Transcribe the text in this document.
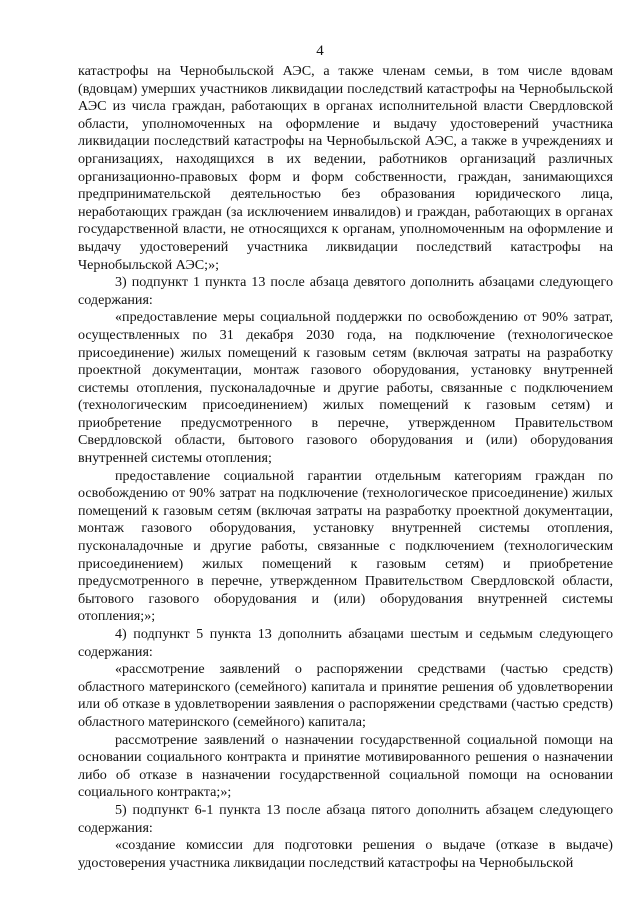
4

катастрофы на Чернобыльской АЭС, а также членам семьи, в том числе вдовам (вдовцам) умерших участников ликвидации последствий катастрофы на Чернобыльской АЭС из числа граждан, работающих в органах исполнительной власти Свердловской области, уполномоченных на оформление и выдачу удостоверений участника ликвидации последствий катастрофы на Чернобыльской АЭС, а также в учреждениях и организациях, находящихся в их ведении, работников организаций различных организационно-правовых форм и форм собственности, граждан, занимающихся предпринимательской деятельностью без образования юридического лица, неработающих граждан (за исключением инвалидов) и граждан, работающих в органах государственной власти, не относящихся к органам, уполномоченным на оформление и выдачу удостоверений участника ликвидации последствий катастрофы на Чернобыльской АЭС;»;

3) подпункт 1 пункта 13 после абзаца девятого дополнить абзацами следующего содержания:

«предоставление меры социальной поддержки по освобождению от 90% затрат, осуществленных по 31 декабря 2030 года, на подключение (технологическое присоединение) жилых помещений к газовым сетям (включая затраты на разработку проектной документации, монтаж газового оборудования, установку внутренней системы отопления, пусконаладочные и другие работы, связанные с подключением (технологическим присоединением) жилых помещений к газовым сетям) и приобретение предусмотренного в перечне, утвержденном Правительством Свердловской области, бытового газового оборудования и (или) оборудования внутренней системы отопления;

предоставление социальной гарантии отдельным категориям граждан по освобождению от 90% затрат на подключение (технологическое присоединение) жилых помещений к газовым сетям (включая затраты на разработку проектной документации, монтаж газового оборудования, установку внутренней системы отопления, пусконаладочные и другие работы, связанные с подключением (технологическим присоединением) жилых помещений к газовым сетям) и приобретение предусмотренного в перечне, утвержденном Правительством Свердловской области, бытового газового оборудования и (или) оборудования внутренней системы отопления;»;

4) подпункт 5 пункта 13 дополнить абзацами шестым и седьмым следующего содержания:

«рассмотрение заявлений о распоряжении средствами (частью средств) областного материнского (семейного) капитала и принятие решения об удовлетворении или об отказе в удовлетворении заявления о распоряжении средствами (частью средств) областного материнского (семейного) капитала;

рассмотрение заявлений о назначении государственной социальной помощи на основании социального контракта и принятие мотивированного решения о назначении либо об отказе в назначении государственной социальной помощи на основании социального контракта;»;

5) подпункт 6-1 пункта 13 после абзаца пятого дополнить абзацем следующего содержания:

«создание комиссии для подготовки решения о выдаче (отказе в выдаче) удостоверения участника ликвидации последствий катастрофы на Чернобыльской
